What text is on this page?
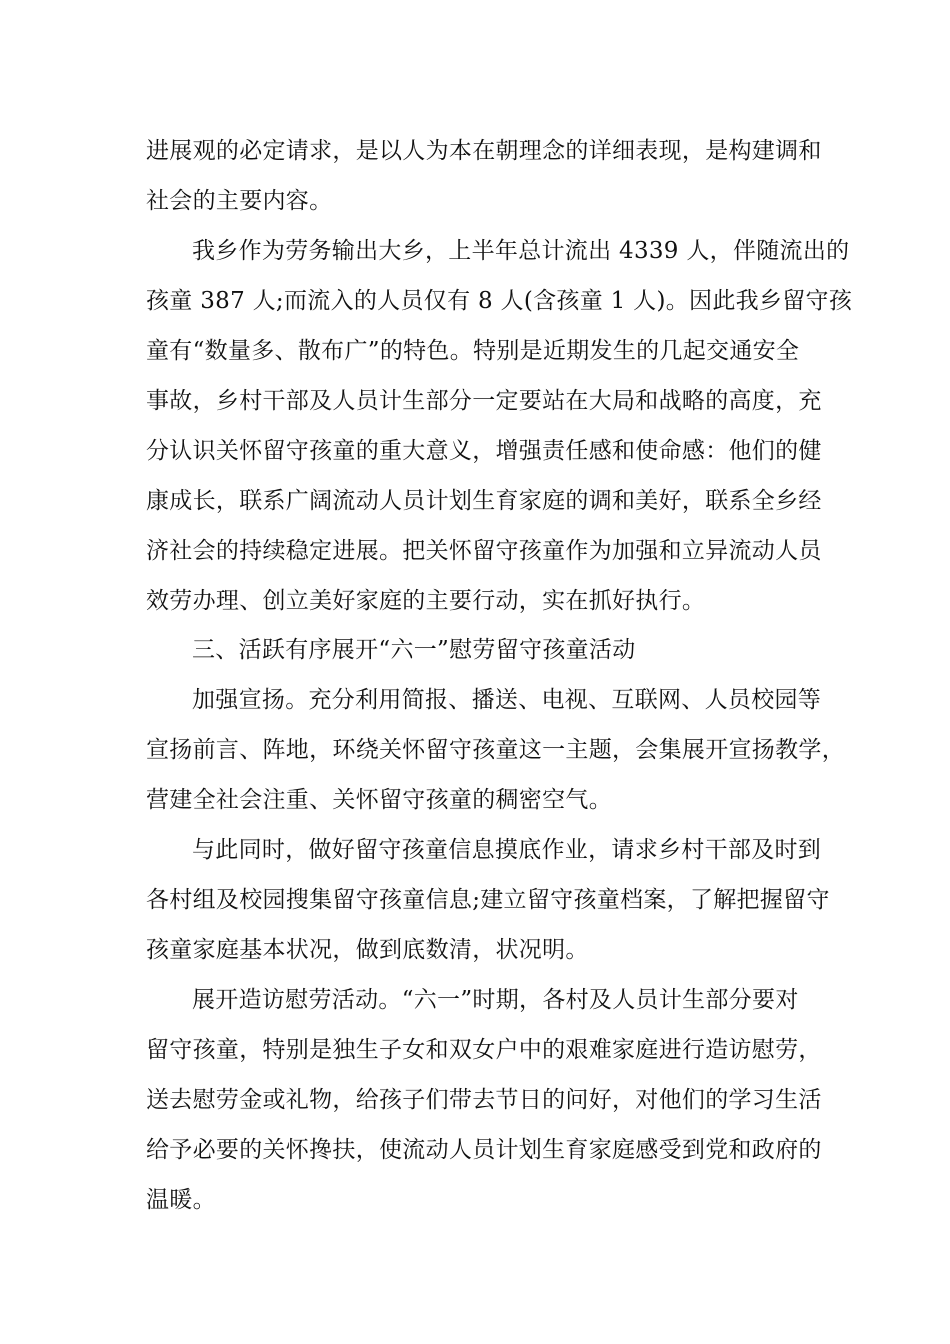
进展观的必定请求，是以人为本在朝理念的详细表现，是构建调和
社会的主要内容。
我乡作为劳务输出大乡，上半年总计流出 4339 人，伴随流出的
孩童 387 人;而流入的人员仅有 8 人(含孩童 1 人)。因此我乡留守孩
童有“数量多、散布广”的特色。特别是近期发生的几起交通安全
事故，乡村干部及人员计生部分一定要站在大局和战略的高度，充
分认识关怀留守孩童的重大意义，增强责任感和使命感：他们的健
康成长，联系广阔流动人员计划生育家庭的调和美好，联系全乡经
济社会的持续稳定进展。把关怀留守孩童作为加强和立异流动人员
效劳办理、创立美好家庭的主要行动，实在抓好执行。
三、活跃有序展开“六一”慰劳留守孩童活动
加强宣扬。充分利用简报、播送、电视、互联网、人员校园等
宣扬前言、阵地，环绕关怀留守孩童这一主题，会集展开宣扬教学，
营建全社会注重、关怀留守孩童的稠密空气。
与此同时，做好留守孩童信息摸底作业，请求乡村干部及时到
各村组及校园搜集留守孩童信息;建立留守孩童档案，了解把握留守
孩童家庭基本状况，做到底数清，状况明。
展开造访慰劳活动。“六一”时期，各村及人员计生部分要对
留守孩童，特别是独生子女和双女户中的艰难家庭进行造访慰劳，
送去慰劳金或礼物，给孩子们带去节日的问好，对他们的学习生活
给予必要的关怀搀扶，使流动人员计划生育家庭感受到党和政府的
温暖。
